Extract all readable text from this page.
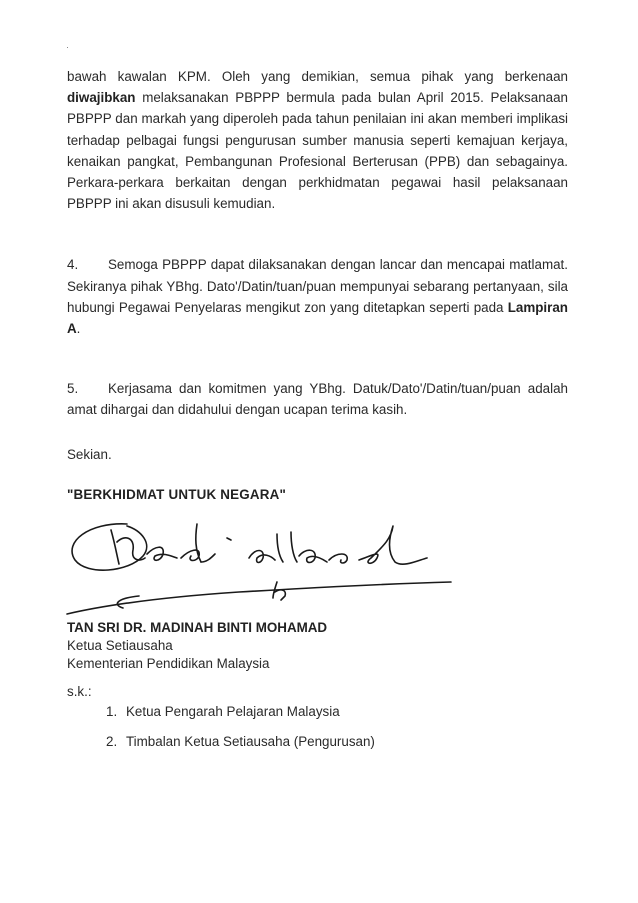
bawah kawalan KPM. Oleh yang demikian, semua pihak yang berkenaan diwajibkan melaksanakan PBPPP bermula pada bulan April 2015. Pelaksanaan PBPPP dan markah yang diperoleh pada tahun penilaian ini akan memberi implikasi terhadap pelbagai fungsi pengurusan sumber manusia seperti kemajuan kerjaya, kenaikan pangkat, Pembangunan Profesional Berterusan (PPB) dan sebagainya. Perkara-perkara berkaitan dengan perkhidmatan pegawai hasil pelaksanaan PBPPP ini akan disusuli kemudian.

4. Semoga PBPPP dapat dilaksanakan dengan lancar dan mencapai matlamat. Sekiranya pihak YBhg. Dato'/Datin/tuan/puan mempunyai sebarang pertanyaan, sila hubungi Pegawai Penyelaras mengikut zon yang ditetapkan seperti pada Lampiran A.

5. Kerjasama dan komitmen yang YBhg. Datuk/Dato'/Datin/tuan/puan adalah amat dihargai dan didahului dengan ucapan terima kasih.

Sekian.
"BERKHIDMAT UNTUK NEGARA"
TAN SRI DR. MADINAH BINTI MOHAMAD
Ketua Setiausaha
Kementerian Pendidikan Malaysia
s.k.:
1. Ketua Pengarah Pelajaran Malaysia
2. Timbalan Ketua Setiausaha (Pengurusan)
